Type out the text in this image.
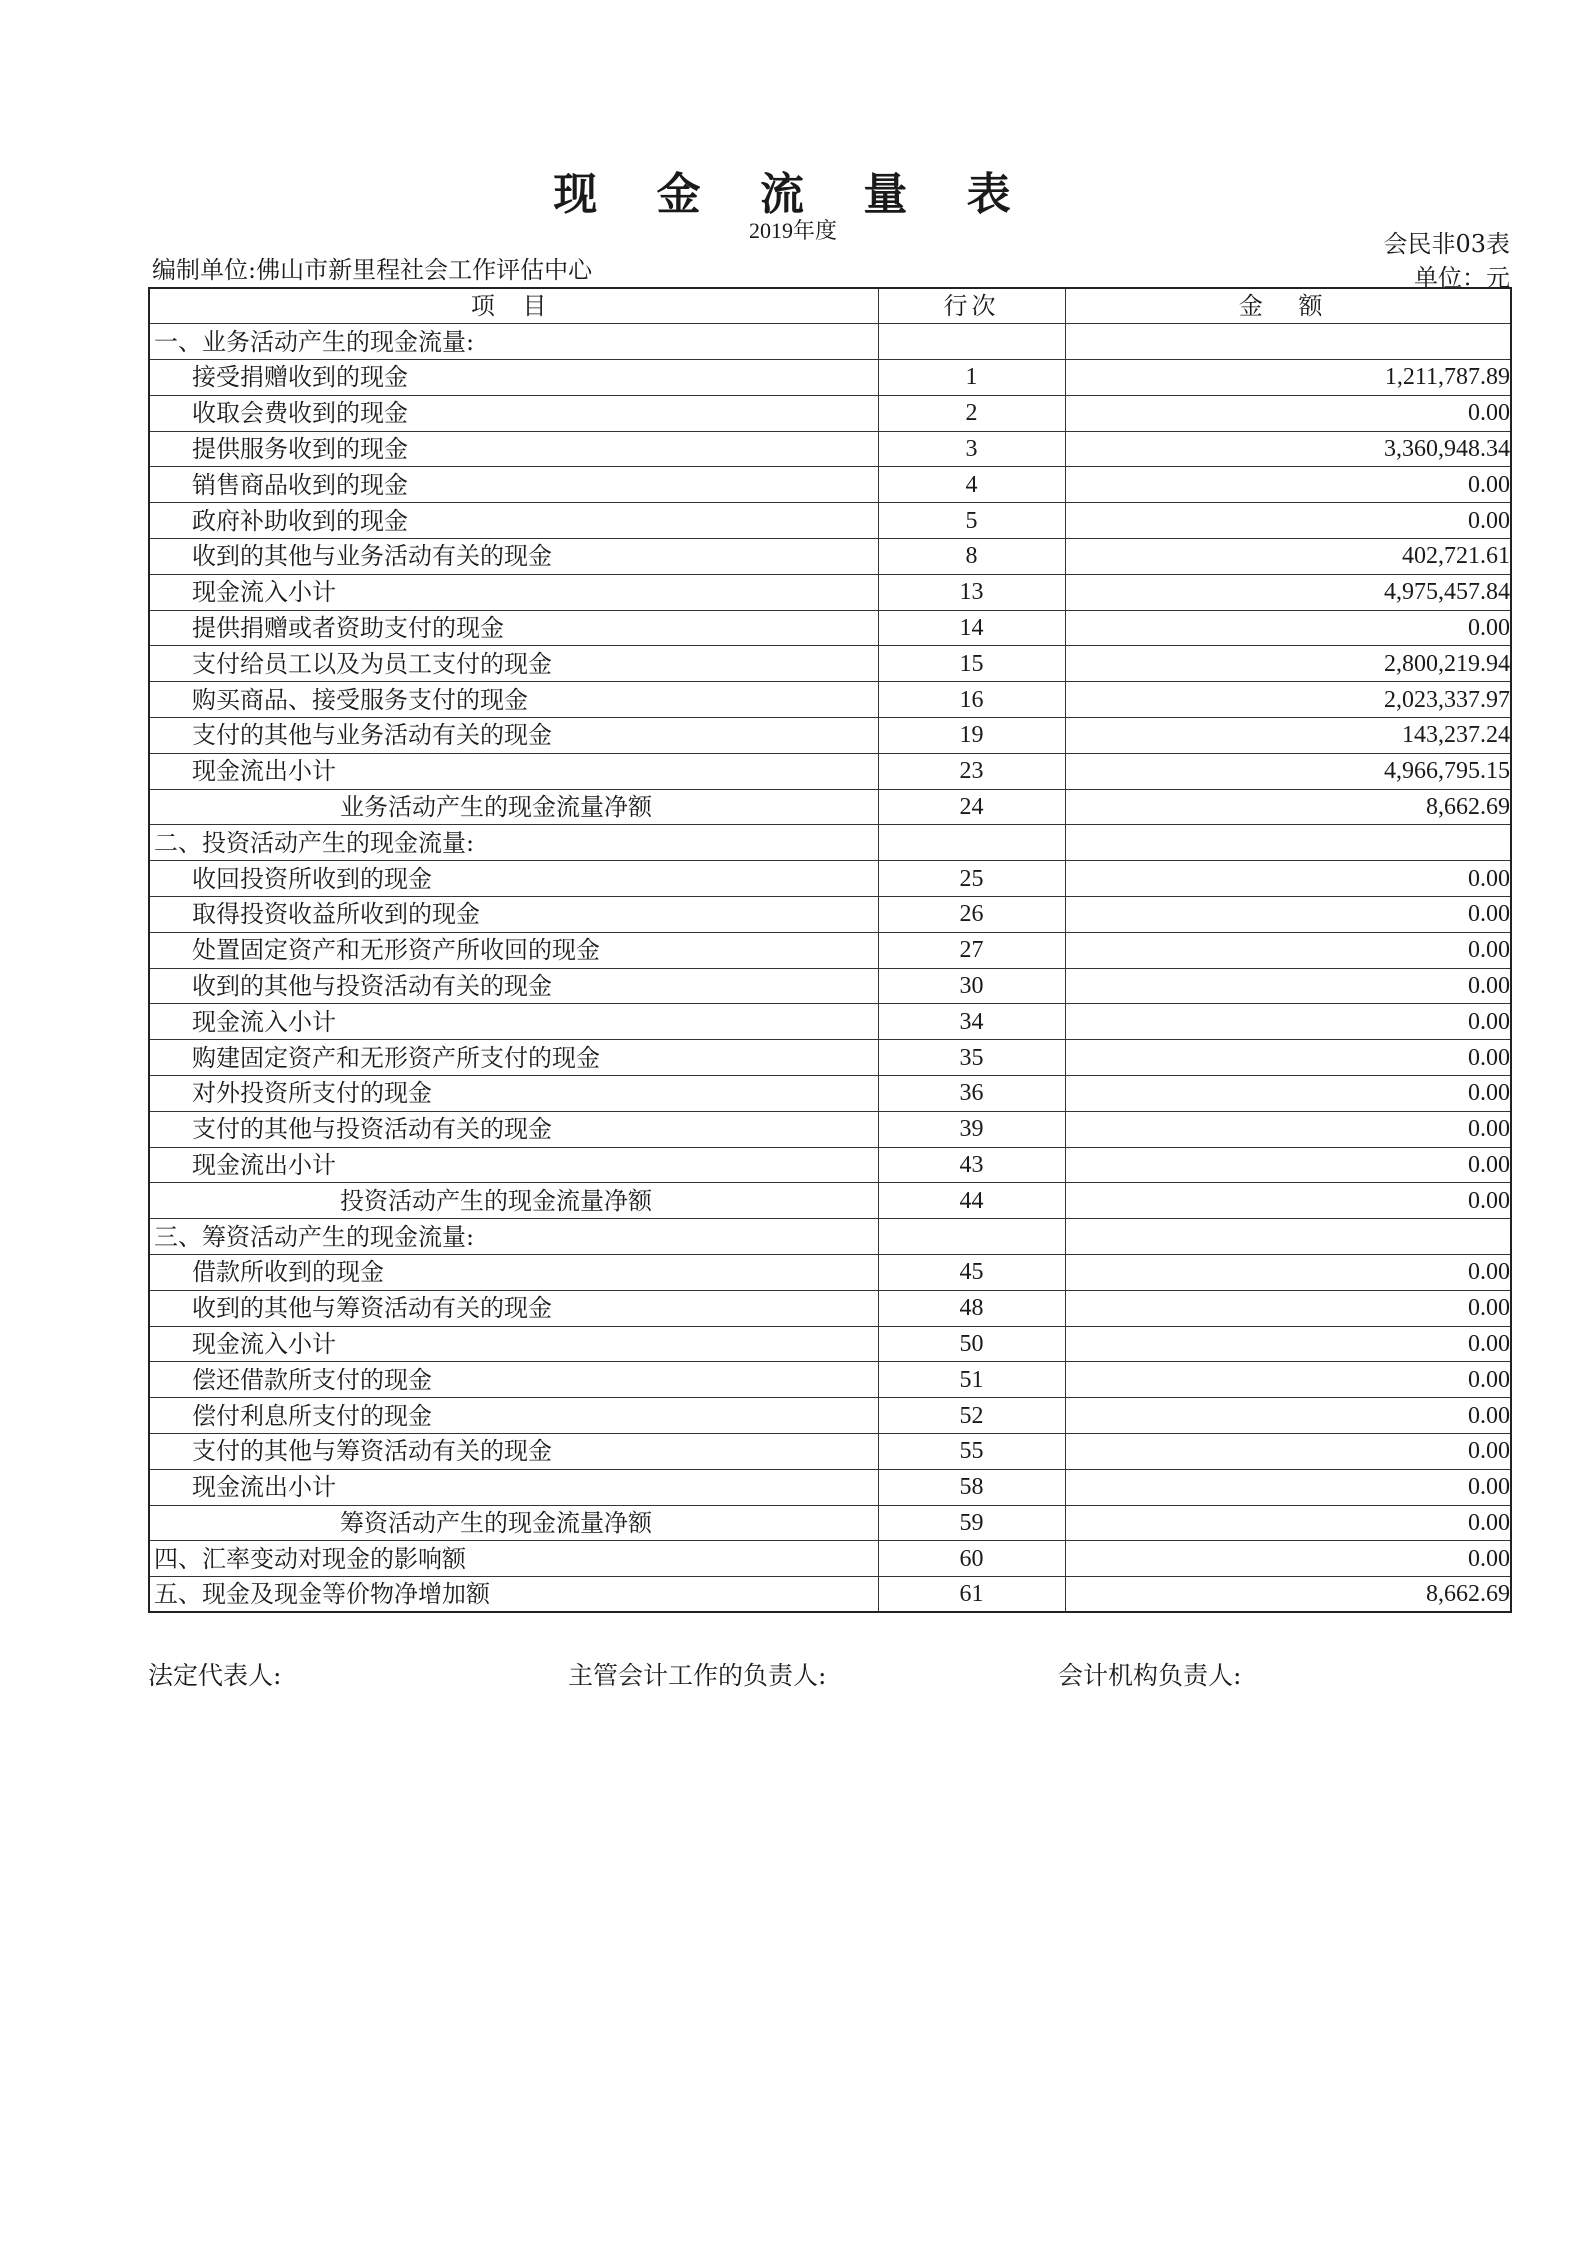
现 金 流 量 表
2019年度	会民非03表
编制单位:佛山市新里程社会工作评估中心	单位：元
项 目	行次	金 额
一、业务活动产生的现金流量:		
接受捐赠收到的现金	1	1,211,787.89
收取会费收到的现金	2	0.00
提供服务收到的现金	3	3,360,948.34
销售商品收到的现金	4	0.00
政府补助收到的现金	5	0.00
收到的其他与业务活动有关的现金	8	402,721.61
现金流入小计	13	4,975,457.84
提供捐赠或者资助支付的现金	14	0.00
支付给员工以及为员工支付的现金	15	2,800,219.94
购买商品、接受服务支付的现金	16	2,023,337.97
支付的其他与业务活动有关的现金	19	143,237.24
现金流出小计	23	4,966,795.15
业务活动产生的现金流量净额	24	8,662.69
二、投资活动产生的现金流量:		
收回投资所收到的现金	25	0.00
取得投资收益所收到的现金	26	0.00
处置固定资产和无形资产所收回的现金	27	0.00
收到的其他与投资活动有关的现金	30	0.00
现金流入小计	34	0.00
购建固定资产和无形资产所支付的现金	35	0.00
对外投资所支付的现金	36	0.00
支付的其他与投资活动有关的现金	39	0.00
现金流出小计	43	0.00
投资活动产生的现金流量净额	44	0.00
三、筹资活动产生的现金流量:		
借款所收到的现金	45	0.00
收到的其他与筹资活动有关的现金	48	0.00
现金流入小计	50	0.00
偿还借款所支付的现金	51	0.00
偿付利息所支付的现金	52	0.00
支付的其他与筹资活动有关的现金	55	0.00
现金流出小计	58	0.00
筹资活动产生的现金流量净额	59	0.00
四、汇率变动对现金的影响额	60	0.00
五、现金及现金等价物净增加额	61	8,662.69
法定代表人:	主管会计工作的负责人:	会计机构负责人:
